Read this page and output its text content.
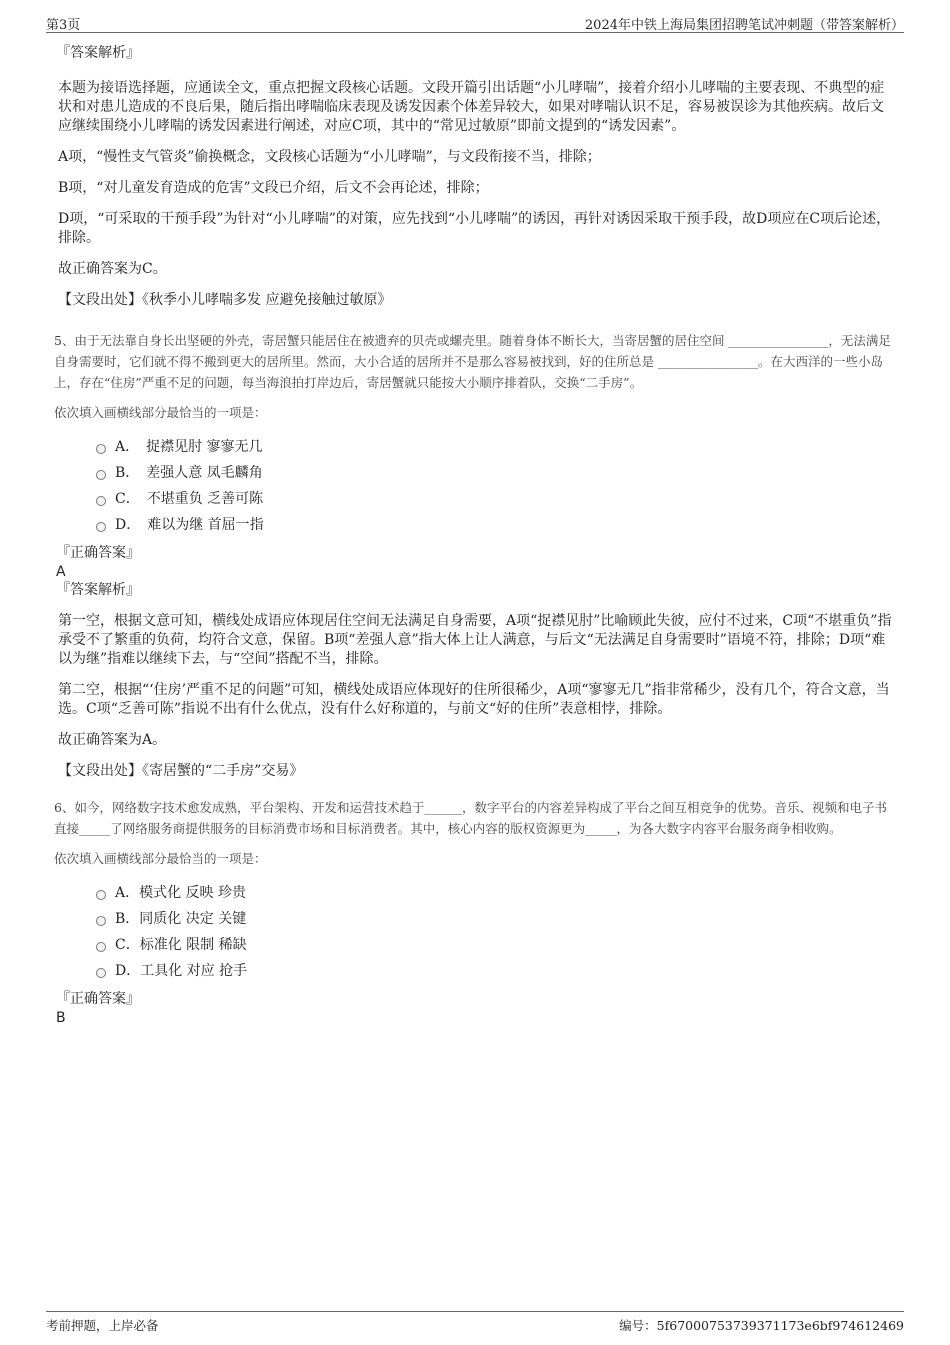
第3页	2024年中铁上海局集团招聘笔试冲刺题（带答案解析）

『答案解析』

本题为接语选择题，应通读全文，重点把握文段核心话题。文段开篇引出话题“小儿哮喘”，接着介绍小儿哮喘的主要表现、不典型的症状和对患儿造成的不良后果，随后指出哮喘临床表现及诱发因素个体差异较大，如果对哮喘认识不足，容易被误诊为其他疾病。故后文应继续围绕小儿哮喘的诱发因素进行阐述，对应C项，其中的“常见过敏原”即前文提到的“诱发因素”。

A项，“慢性支气管炎”偷换概念，文段核心话题为“小儿哮喘”，与文段衔接不当，排除；

B项，“对儿童发育造成的危害”文段已介绍，后文不会再论述，排除；

D项，“可采取的干预手段”为针对“小儿哮喘”的对策，应先找到“小儿哮喘”的诱因，再针对诱因采取干预手段，故D项应在C项后论述，排除。

故正确答案为C。

【文段出处】《秋季小儿哮喘多发 应避免接触过敏原》

5、由于无法靠自身长出坚硬的外壳，寄居蟹只能居住在被遗弃的贝壳或螺壳里。随着身体不断长大，当寄居蟹的居住空间 ________________，无法满足自身需要时，它们就不得不搬到更大的居所里。然而，大小合适的居所并不是那么容易被找到，好的住所总是 ________________。在大西洋的一些小岛上，存在“住房”严重不足的问题，每当海浪拍打岸边后，寄居蟹就只能按大小顺序排着队，交换“二手房”。

依次填入画横线部分最恰当的一项是：

A．　捉襟见肘 寥寥无几
B．　差强人意 凤毛麟角
C．　不堪重负 乏善可陈
D．　难以为继 首屈一指

『正确答案』

A

『答案解析』

第一空，根据文意可知，横线处成语应体现居住空间无法满足自身需要，A项“捉襟见肘”比喻顾此失彼，应付不过来，C项“不堪重负”指承受不了繁重的负荷，均符合文意，保留。B项“差强人意”指大体上让人满意，与后文“无法满足自身需要时”语境不符，排除；D项“难以为继”指难以继续下去，与“空间”搭配不当，排除。

第二空，根据“‘住房’严重不足的问题”可知，横线处成语应体现好的住所很稀少，A项“寥寥无几”指非常稀少，没有几个，符合文意，当选。C项“乏善可陈”指说不出有什么优点，没有什么好称道的，与前文“好的住所”表意相悖，排除。

故正确答案为A。

【文段出处】《寄居蟹的“二手房”交易》

6、如今，网络数字技术愈发成熟，平台架构、开发和运营技术趋于______，数字平台的内容差异构成了平台之间互相竞争的优势。音乐、视频和电子书直接_____了网络服务商提供服务的目标消费市场和目标消费者。其中，核心内容的版权资源更为_____，为各大数字内容平台服务商争相收购。

依次填入画横线部分最恰当的一项是：

A．模式化 反映 珍贵
B．同质化 决定 关键
C．标准化 限制 稀缺
D．工具化 对应 抢手

『正确答案』

B

考前押题，上岸必备	编号：5f67000753739371173e6bf974612469
